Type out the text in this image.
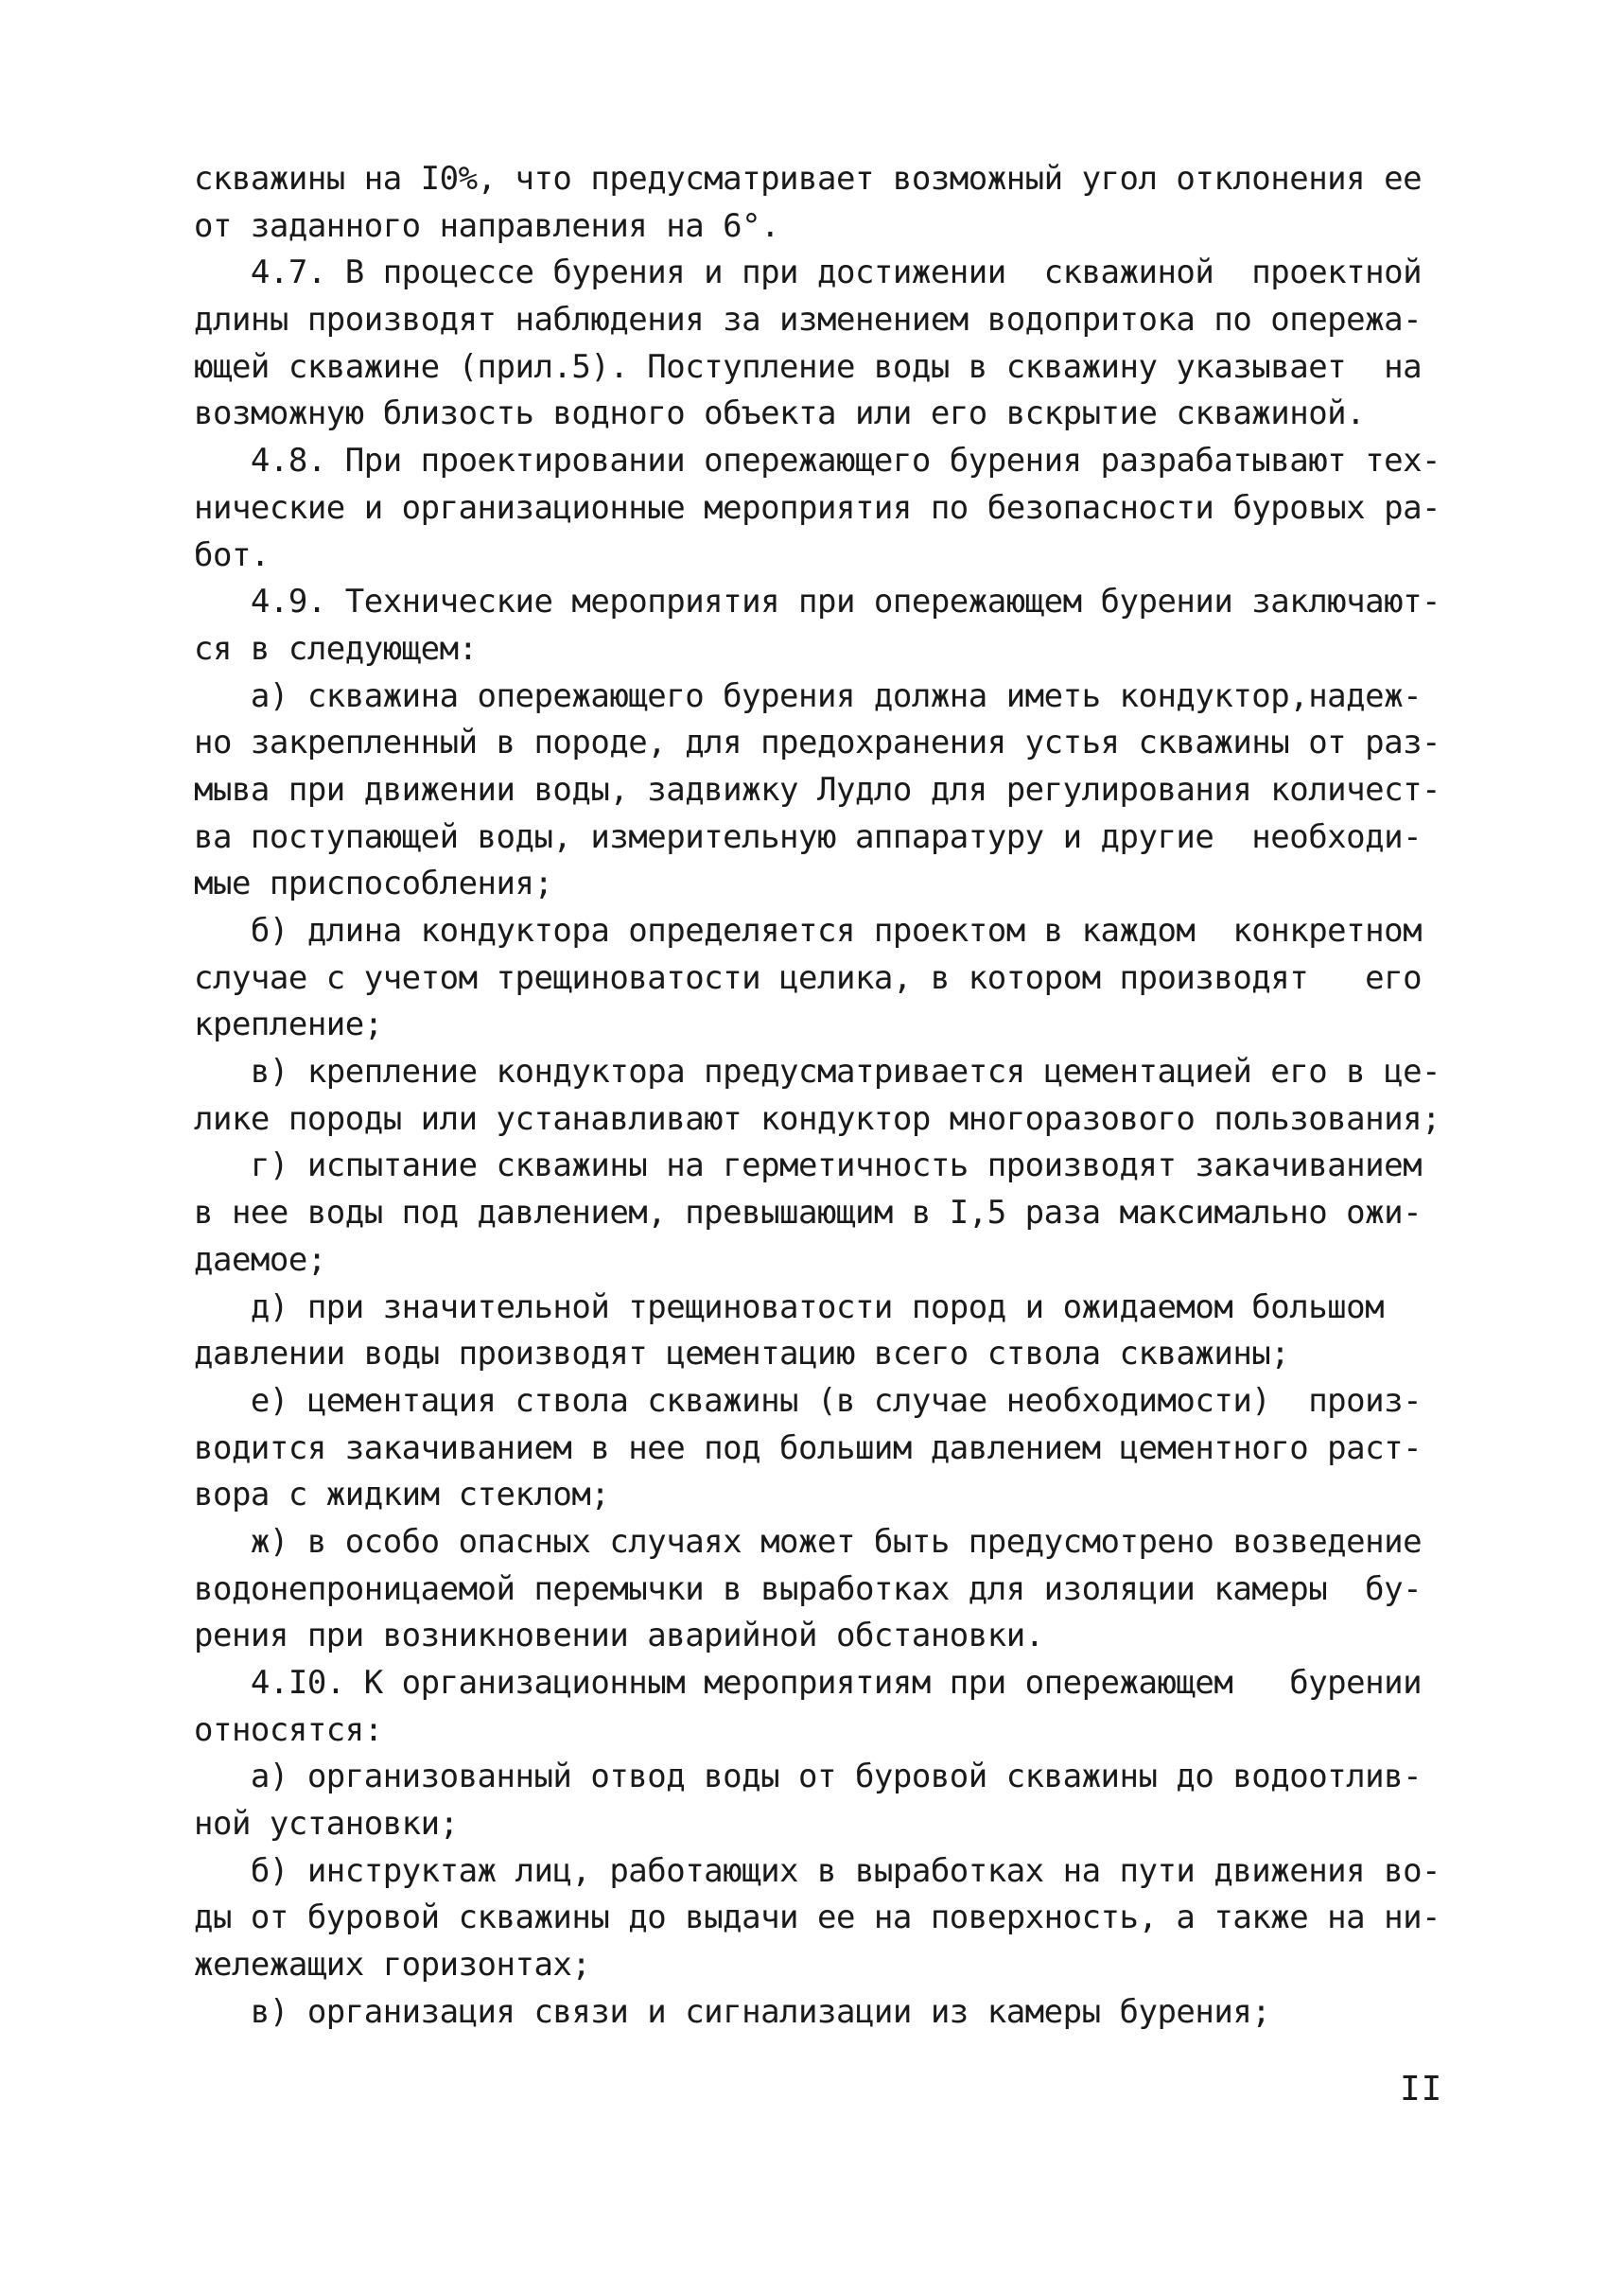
скважины на I0%, что предусматривает возможный угол отклонения ее
от заданного направления на 6°.
4.7. В процессе бурения и при достижении  скважиной  проектной
длины производят наблюдения за изменением водопритока по опережа-
ющей скважине (прил.5). Поступление воды в скважину указывает  на
возможную близость водного объекта или его вскрытие скважиной.
4.8. При проектировании опережающего бурения разрабатывают тех-
нические и организационные мероприятия по безопасности буровых ра-
бот.
4.9. Технические мероприятия при опережающем бурении заключают-
ся в следующем:
а) скважина опережающего бурения должна иметь кондуктор,надеж-
но закрепленный в породе, для предохранения устья скважины от раз-
мыва при движении воды, задвижку Лудло для регулирования количест-
ва поступающей воды, измерительную аппаратуру и другие  необходи-
мые приспособления;
б) длина кондуктора определяется проектом в каждом  конкретном
случае с учетом трещиноватости целика, в котором производят   его
крепление;
в) крепление кондуктора предусматривается цементацией его в це-
лике породы или устанавливают кондуктор многоразового пользования;
г) испытание скважины на герметичность производят закачиванием
в нее воды под давлением, превышающим в I,5 раза максимально ожи-
даемое;
д) при значительной трещиноватости пород и ожидаемом большом
давлении воды производят цементацию всего ствола скважины;
е) цементация ствола скважины (в случае необходимости)  произ-
водится закачиванием в нее под большим давлением цементного раст-
вора с жидким стеклом;
ж) в особо опасных случаях может быть предусмотрено возведение
водонепроницаемой перемычки в выработках для изоляции камеры  бу-
рения при возникновении аварийной обстановки.
4.I0. К организационным мероприятиям при опережающем   бурении
относятся:
а) организованный отвод воды от буровой скважины до водоотлив-
ной установки;
б) инструктаж лиц, работающих в выработках на пути движения во-
ды от буровой скважины до выдачи ее на поверхность, а также на ни-
жележащих горизонтах;
в) организация связи и сигнализации из камеры бурения;
II
